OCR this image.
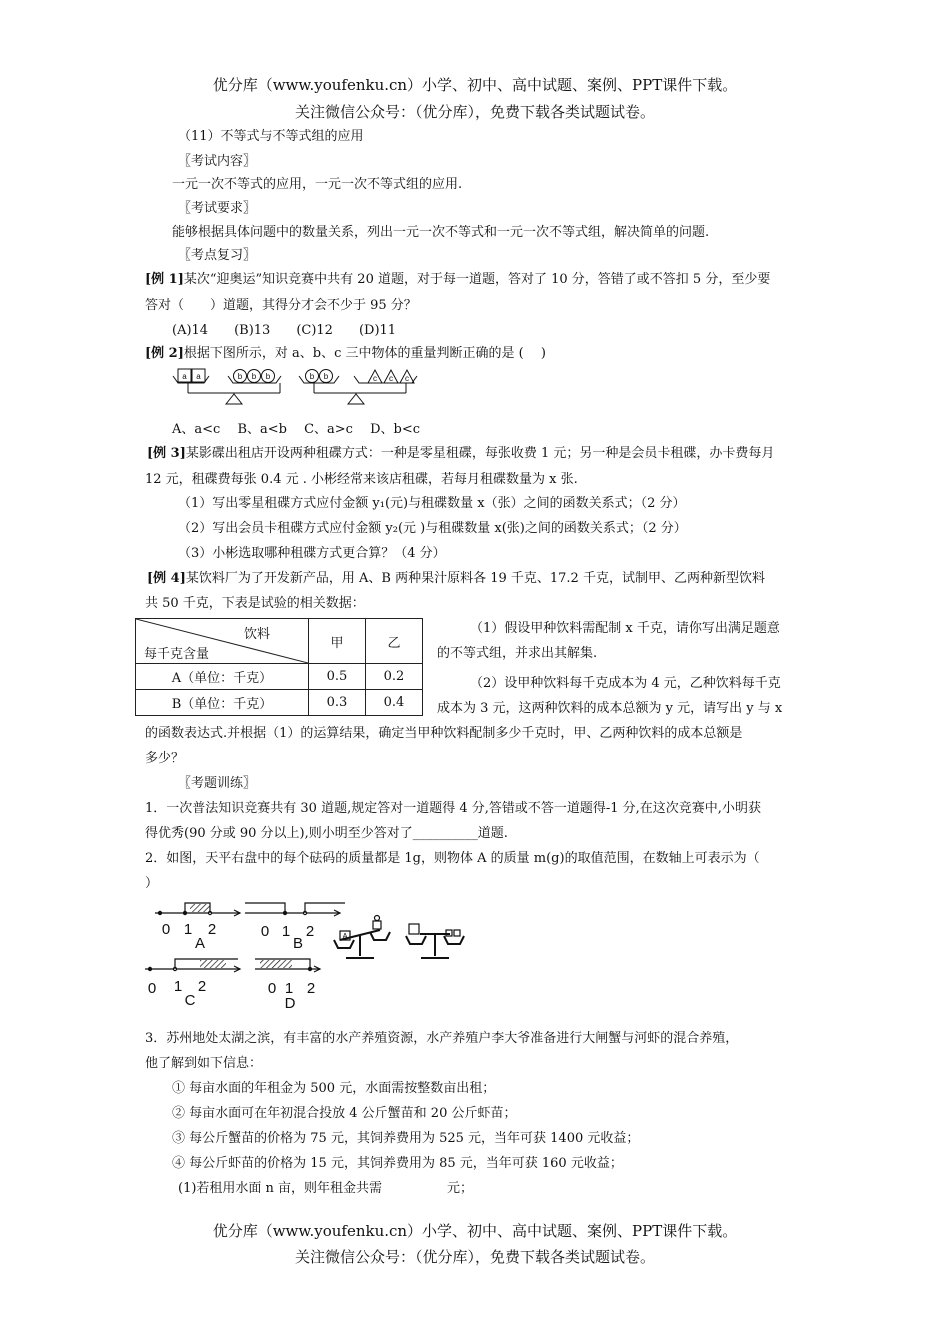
优分库（www.youfenku.cn）小学、初中、高中试题、案例、PPT课件下载。
关注微信公众号：（优分库），免费下载各类试题试卷。
（11）不等式与不等式组的应用
〖考试内容〗
一元一次不等式的应用，一元一次不等式组的应用.
〖考试要求〗
能够根据具体问题中的数量关系，列出一元一次不等式和一元一次不等式组，解决简单的问题.
〖考点复习〗
[例 1]某次“迎奥运”知识竞赛中共有 20 道题，对于每一道题，答对了 10 分，答错了或不答扣 5 分，至少要
答对（　　）道题，其得分才会不少于 95 分？
(A)14　　(B)13　　(C)12　　(D)11
[例 2]根据下图所示，对 a、b、c 三中物体的重量判断正确的是 (　 )
a a	b b b	b b	c c c
A、a<c　 B、a<b　 C、a>c　 D、b<c
[例 3]某影碟出租店开设两种租碟方式：一种是零星租碟，每张收费 1 元；另一种是会员卡租碟，办卡费每月
12 元，租碟费每张 0.4 元 . 小彬经常来该店租碟，若每月租碟数量为 x 张.
（1）写出零星租碟方式应付金额 y₁(元)与租碟数量 x（张）之间的函数关系式；（2 分）
（2）写出会员卡租碟方式应付金额 y₂(元 )与租碟数量 x(张)之间的函数关系式；（2 分）
（3）小彬选取哪种租碟方式更合算？（4 分）
[例 4]某饮料厂为了开发新产品，用 A、B 两种果汁原料各 19 千克、17.2 千克，试制甲、乙两种新型饮料
共 50 千克，下表是试验的相关数据：
饮料
每千克含量	甲	乙
A（单位：千克）	0.5	0.2
B（单位：千克）	0.3	0.4
（1）假设甲种饮料需配制 x 千克，请你写出满足题意
的不等式组，并求出其解集.
（2）设甲种饮料每千克成本为 4 元，乙种饮料每千克
成本为 3 元，这两种饮料的成本总额为 y 元，请写出 y 与 x
的函数表达式.并根据（1）的运算结果，确定当甲种饮料配制多少千克时，甲、乙两种饮料的成本总额是
多少？
〖考题训练〗
1．一次普法知识竞赛共有 30 道题,规定答对一道题得 4 分,答错或不答一道题得-1 分,在这次竞赛中,小明获
得优秀(90 分或 90 分以上),则小明至少答对了__________道题.
2．如图，天平右盘中的每个砝码的质量都是 1g，则物体 A 的质量 m(g)的取值范围，在数轴上可表示为（
）
0 1 2
A
0 1 2
B
0 1 2
C
0 1 2
D
A
3．苏州地处太湖之滨，有丰富的水产养殖资源，水产养殖户李大爷准备进行大闸蟹与河虾的混合养殖，
他了解到如下信息：
① 每亩水面的年租金为 500 元，水面需按整数亩出租；
② 每亩水面可在年初混合投放 4 公斤蟹苗和 20 公斤虾苗；
③ 每公斤蟹苗的价格为 75 元，其饲养费用为 525 元，当年可获 1400 元收益；
④ 每公斤虾苗的价格为 15 元，其饲养费用为 85 元，当年可获 160 元收益；
(1)若租用水面 n 亩，则年租金共需　　　　　元；
优分库（www.youfenku.cn）小学、初中、高中试题、案例、PPT课件下载。
关注微信公众号：（优分库），免费下载各类试题试卷。
